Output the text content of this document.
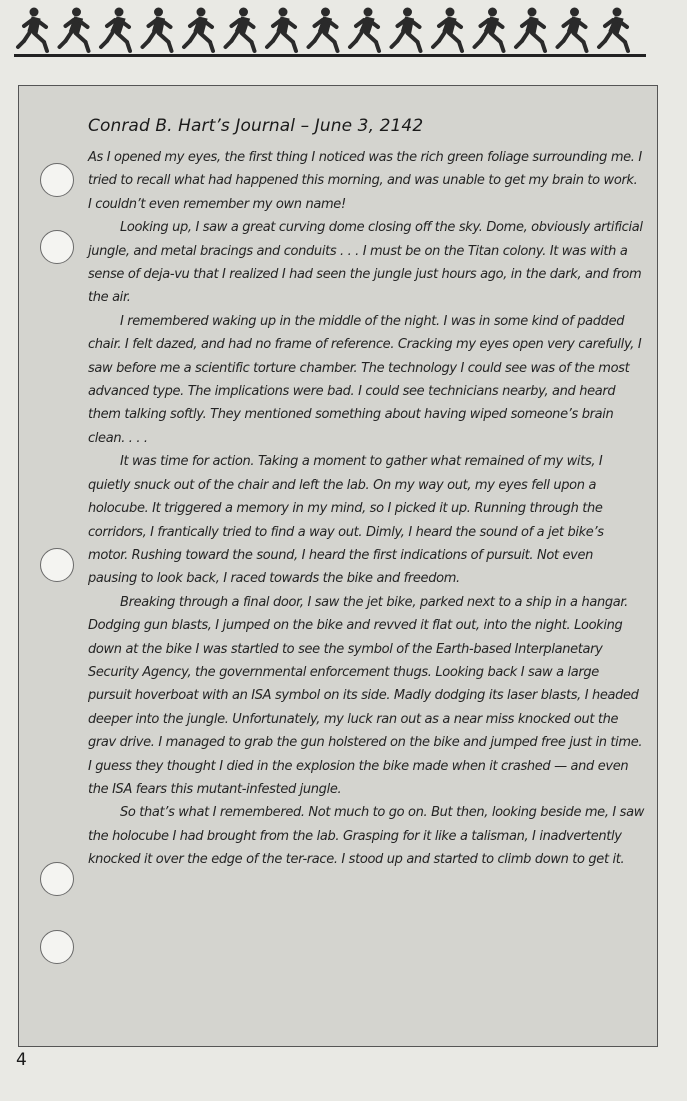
Conrad B. Hart’s Journal – June 3, 2142

As I opened my eyes, the first thing I noticed was the rich green foliage surrounding me. I tried to recall what had happened this morning, and was unable to get my brain to work. I couldn’t even remember my own name!

Looking up, I saw a great curving dome closing off the sky. Dome, obviously artificial jungle, and metal bracings and conduits . . . I must be on the Titan colony. It was with a sense of deja-vu that I realized I had seen the jungle just hours ago, in the dark, and from the air.

I remembered waking up in the middle of the night. I was in some kind of padded chair. I felt dazed, and had no frame of reference. Cracking my eyes open very carefully, I saw before me a scientific torture chamber. The technology I could see was of the most advanced type. The implications were bad. I could see technicians nearby, and heard them talking softly. They mentioned something about having wiped someone’s brain clean. . . .

It was time for action. Taking a moment to gather what remained of my wits, I quietly snuck out of the chair and left the lab. On my way out, my eyes fell upon a holocube. It triggered a memory in my mind, so I picked it up. Running through the corridors, I frantically tried to find a way out. Dimly, I heard the sound of a jet bike’s motor. Rushing toward the sound, I heard the first indications of pursuit. Not even pausing to look back, I raced towards the bike and freedom.

Breaking through a final door, I saw the jet bike, parked next to a ship in a hangar. Dodging gun blasts, I jumped on the bike and revved it flat out, into the night. Looking down at the bike I was startled to see the symbol of the Earth-based Interplanetary Security Agency, the governmental enforcement thugs. Looking back I saw a large pursuit hoverboat with an ISA symbol on its side. Madly dodging its laser blasts, I headed deeper into the jungle. Unfortunately, my luck ran out as a near miss knocked out the grav drive. I managed to grab the gun holstered on the bike and jumped free just in time. I guess they thought I died in the explosion the bike made when it crashed — and even the ISA fears this mutant-infested jungle.

So that’s what I remembered. Not much to go on. But then, looking beside me, I saw the holocube I had brought from the lab. Grasping for it like a talisman, I inadvertently knocked it over the edge of the ter-race. I stood up and started to climb down to get it.

4
